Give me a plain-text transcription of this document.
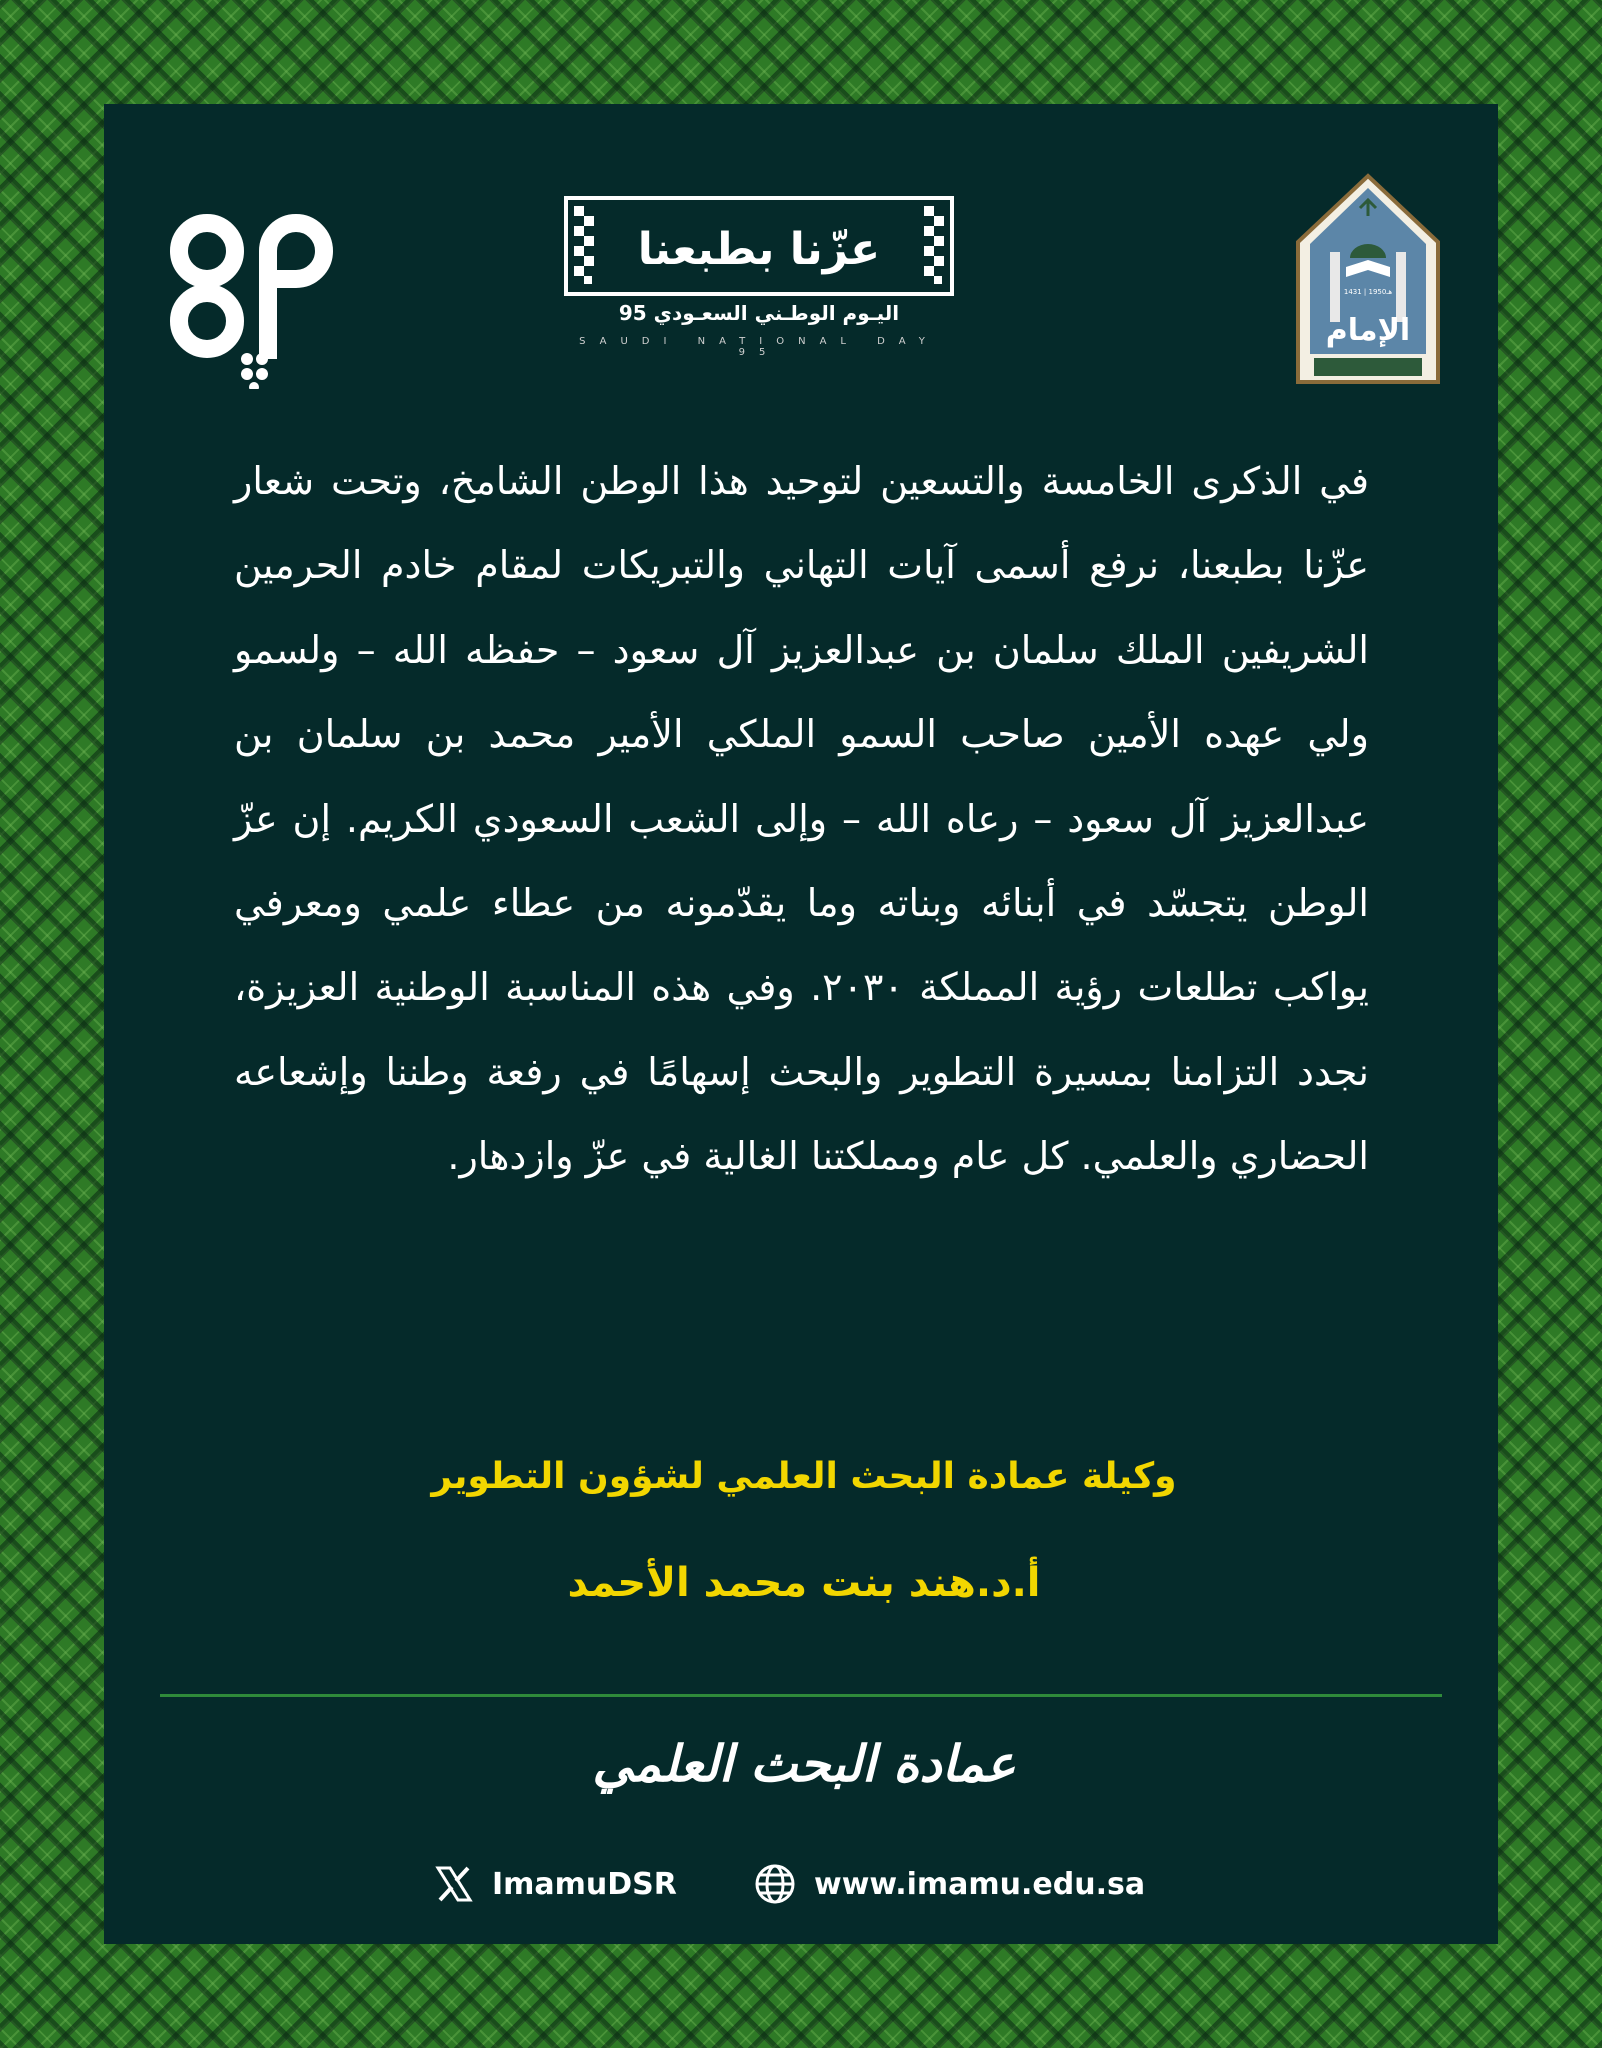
عزّنا بطبعنا
اليـوم الوطـني السعـودي 95
SAUDI NATIONAL DAY 95
1431 | هـ1950
الإمام

في الذكرى الخامسة والتسعين لتوحيد هذا الوطن الشامخ، وتحت شعار عزّنا بطبعنا، نرفع أسمى آيات التهاني والتبريكات لمقام خادم الحرمين الشريفين الملك سلمان بن عبدالعزيز آل سعود – حفظه الله – ولسمو ولي عهده الأمين صاحب السمو الملكي الأمير محمد بن سلمان بن عبدالعزيز آل سعود – رعاه الله – وإلى الشعب السعودي الكريم. إن عزّ الوطن يتجسّد في أبنائه وبناته وما يقدّمونه من عطاء علمي ومعرفي يواكب تطلعات رؤية المملكة ٢٠٣٠. وفي هذه المناسبة الوطنية العزيزة، نجدد التزامنا بمسيرة التطوير والبحث إسهامًا في رفعة وطننا وإشعاعه الحضاري والعلمي. كل عام ومملكتنا الغالية في عزّ وازدهار.

وكيلة عمادة البحث العلمي لشؤون التطوير
أ.د.هند بنت محمد الأحمد
عمادة البحث العلمي
ImamuDSR	www.imamu.edu.sa
